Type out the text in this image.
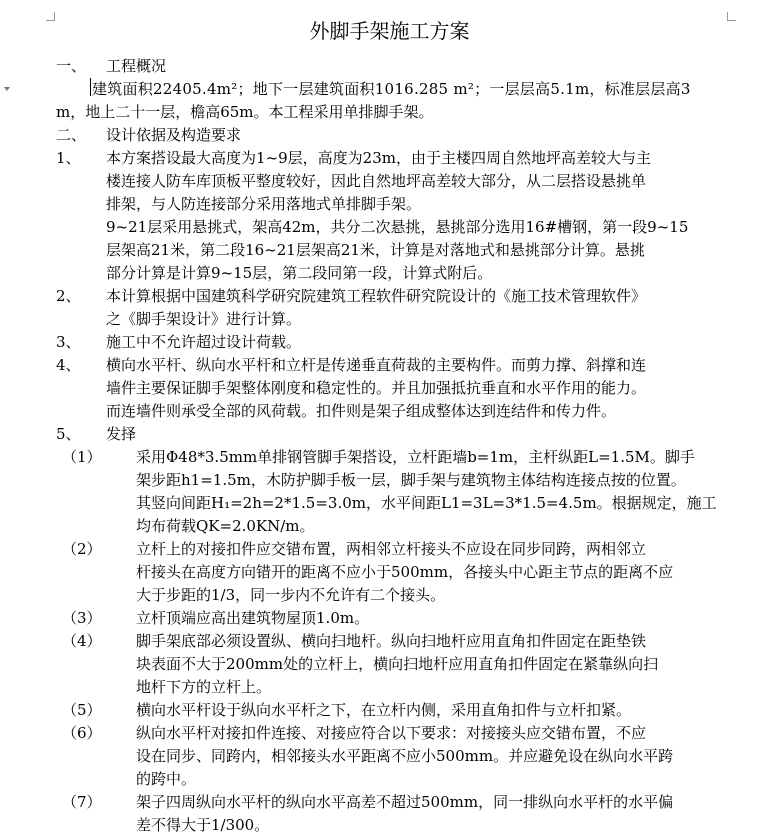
外脚手架施工方案
一、 工程概况
建筑面积22405.4m²；地下一层建筑面积1016.285 m²；一层层高5.1m，标准层层高3
m，地上二十一层，檐高65m。本工程采用单排脚手架。
二、 设计依据及构造要求
1、 本方案搭设最大高度为1~9层，高度为23m，由于主楼四周自然地坪高差较大与主
楼连接人防车库顶板平整度较好，因此自然地坪高差较大部分，从二层搭设悬挑单
排架，与人防连接部分采用落地式单排脚手架。
9~21层采用悬挑式，架高42m，共分二次悬挑，悬挑部分选用16#槽钢，第一段9~15
层架高21米，第二段16~21层架高21米，计算是对落地式和悬挑部分计算。悬挑
部分计算是计算9~15层，第二段同第一段，计算式附后。
2、 本计算根据中国建筑科学研究院建筑工程软件研究院设计的《施工技术管理软件》
之《脚手架设计》进行计算。
3、 施工中不允许超过设计荷载。
4、 横向水平杆、纵向水平杆和立杆是传递垂直荷裁的主要构件。而剪力撑、斜撑和连
墙件主要保证脚手架整体刚度和稳定性的。并且加强抵抗垂直和水平作用的能力。
而连墙件则承受全部的风荷载。扣件则是架子组成整体达到连结件和传力件。
5、 发择
（1） 采用Φ48*3.5mm单排钢管脚手架搭设，立杆距墙b=1m，主杆纵距L=1.5M。脚手
架步距h1=1.5m，木防护脚手板一层，脚手架与建筑物主体结构连接点按的位置。
其竖向间距H₁=2h=2*1.5=3.0m，水平间距L1=3L=3*1.5=4.5m。根据规定，施工
均布荷载QK=2.0KN/m。
（2） 立杆上的对接扣件应交错布置，两相邻立杆接头不应设在同步同跨，两相邻立
杆接头在高度方向错开的距离不应小于500mm，各接头中心距主节点的距离不应
大于步距的1/3，同一步内不允许有二个接头。
（3） 立杆顶端应高出建筑物屋顶1.0m。
（4） 脚手架底部必须设置纵、横向扫地杆。纵向扫地杆应用直角扣件固定在距垫铁
块表面不大于200mm处的立杆上，横向扫地杆应用直角扣件固定在紧靠纵向扫
地杆下方的立杆上。
（5） 横向水平杆设于纵向水平杆之下，在立杆内侧，采用直角扣件与立杆扣紧。
（6） 纵向水平杆对接扣件连接、对接应符合以下要求：对接接头应交错布置，不应
设在同步、同跨内，相邻接头水平距离不应小500mm。并应避免设在纵向水平跨
的跨中。
（7） 架子四周纵向水平杆的纵向水平高差不超过500mm，同一排纵向水平杆的水平偏
差不得大于1/300。
